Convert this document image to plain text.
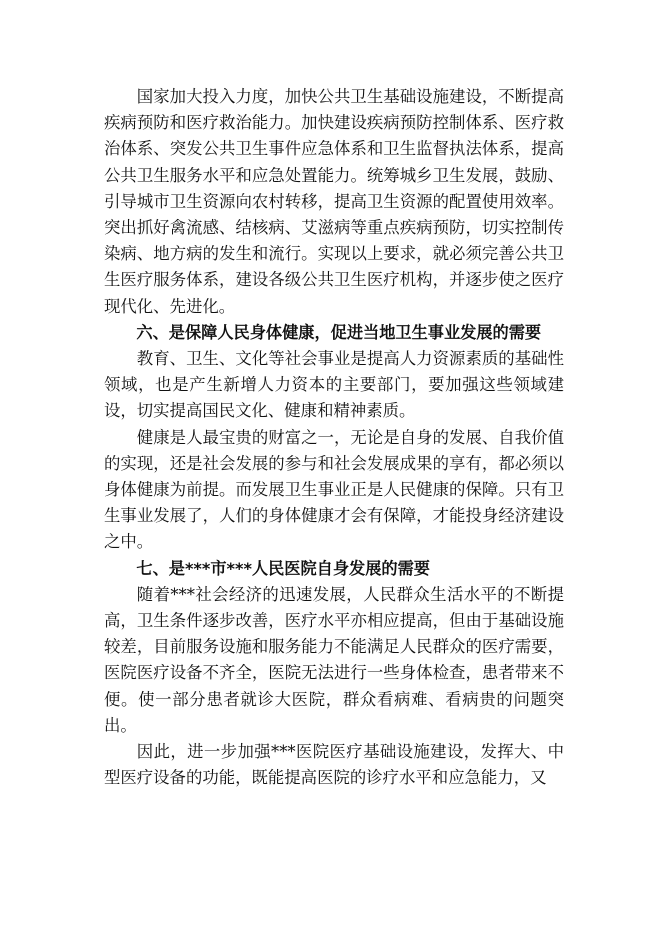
国家加大投入力度，加快公共卫生基础设施建设，不断提高疾病预防和医疗救治能力。加快建设疾病预防控制体系、医疗救治体系、突发公共卫生事件应急体系和卫生监督执法体系，提高公共卫生服务水平和应急处置能力。统筹城乡卫生发展，鼓励、引导城市卫生资源向农村转移，提高卫生资源的配置使用效率。突出抓好禽流感、结核病、艾滋病等重点疾病预防，切实控制传染病、地方病的发生和流行。实现以上要求，就必须完善公共卫生医疗服务体系，建设各级公共卫生医疗机构，并逐步使之医疗现代化、先进化。

六、是保障人民身体健康，促进当地卫生事业发展的需要

教育、卫生、文化等社会事业是提高人力资源素质的基础性领域，也是产生新增人力资本的主要部门，要加强这些领域建设，切实提高国民文化、健康和精神素质。

健康是人最宝贵的财富之一，无论是自身的发展、自我价值的实现，还是社会发展的参与和社会发展成果的享有，都必须以身体健康为前提。而发展卫生事业正是人民健康的保障。只有卫生事业发展了，人们的身体健康才会有保障，才能投身经济建设之中。

七、是***市***人民医院自身发展的需要

随着***社会经济的迅速发展，人民群众生活水平的不断提高，卫生条件逐步改善，医疗水平亦相应提高，但由于基础设施较差，目前服务设施和服务能力不能满足人民群众的医疗需要，医院医疗设备不齐全，医院无法进行一些身体检查，患者带来不便。使一部分患者就诊大医院，群众看病难、看病贵的问题突出。

因此，进一步加强***医院医疗基础设施建设，发挥大、中型医疗设备的功能，既能提高医院的诊疗水平和应急能力，又
